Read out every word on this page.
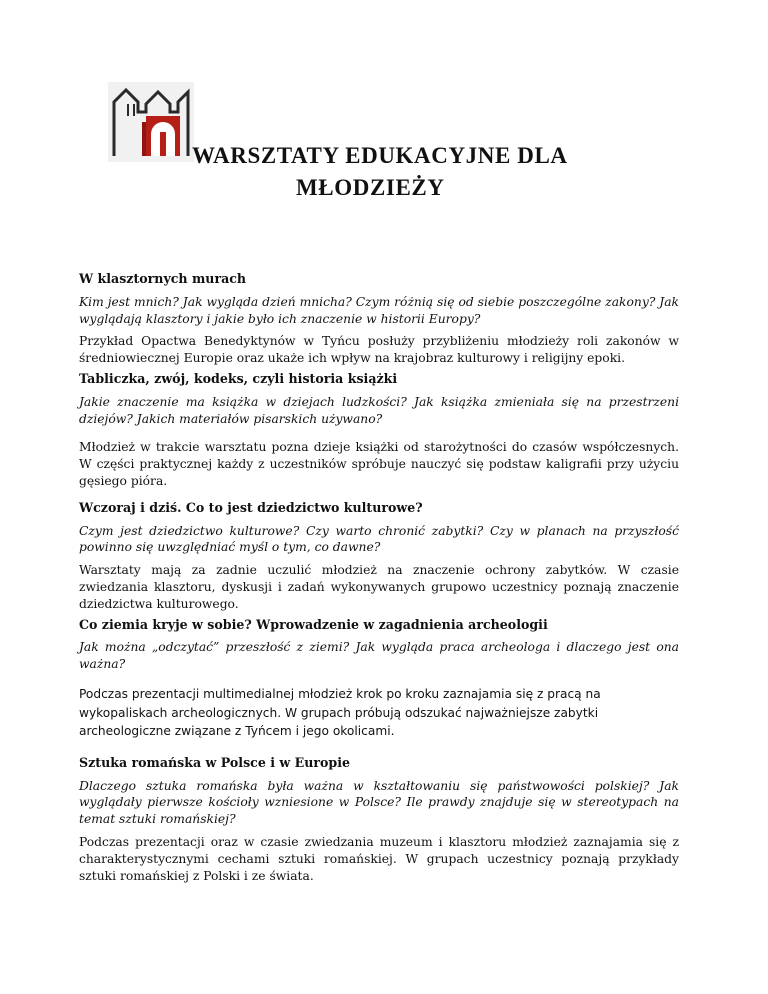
WARSZTATY EDUKACYJNE DLA
MŁODZIEŻY

W klasztornych murach

Kim jest mnich? Jak wygląda dzień mnicha? Czym różnią się od siebie poszczególne zakony? Jak wyglądają klasztory i jakie było ich znaczenie w historii Europy?

Przykład Opactwa Benedyktynów w Tyńcu posłuży przybliżeniu młodzieży roli zakonów w średniowiecznej Europie oraz ukaże ich wpływ na krajobraz kulturowy i religijny epoki.

Tabliczka, zwój, kodeks, czyli historia książki

Jakie znaczenie ma książka w dziejach ludzkości? Jak książka zmieniała się na przestrzeni dziejów? Jakich materiałów pisarskich używano?

Młodzież w trakcie warsztatu pozna dzieje książki od starożytności do czasów współczesnych. W części praktycznej każdy z uczestników spróbuje nauczyć się podstaw kaligrafii przy użyciu gęsiego pióra.

Wczoraj i dziś. Co to jest dziedzictwo kulturowe?

Czym jest dziedzictwo kulturowe? Czy warto chronić zabytki? Czy w planach na przyszłość powinno się uwzględniać myśl o tym, co dawne?

Warsztaty mają za zadnie uczulić młodzież na znaczenie ochrony zabytków. W czasie zwiedzania klasztoru, dyskusji i zadań wykonywanych grupowo uczestnicy poznają znaczenie dziedzictwa kulturowego.

Co ziemia kryje w sobie? Wprowadzenie w zagadnienia archeologii

Jak można „odczytać” przeszłość z ziemi? Jak wygląda praca archeologa i dlaczego jest ona ważna?

Podczas prezentacji multimedialnej młodzież krok po kroku zaznajamia się z pracą na wykopaliskach archeologicznych. W grupach próbują odszukać najważniejsze zabytki archeologiczne związane z Tyńcem i jego okolicami.

Sztuka romańska w Polsce i w Europie

Dlaczego sztuka romańska była ważna w kształtowaniu się państwowości polskiej? Jak wyglądały pierwsze kościoły wzniesione w Polsce? Ile prawdy znajduje się w stereotypach na temat sztuki romańskiej?

Podczas prezentacji oraz w czasie zwiedzania muzeum i klasztoru młodzież zaznajamia się z charakterystycznymi cechami sztuki romańskiej. W grupach uczestnicy poznają przykłady sztuki romańskiej z Polski i ze świata.
